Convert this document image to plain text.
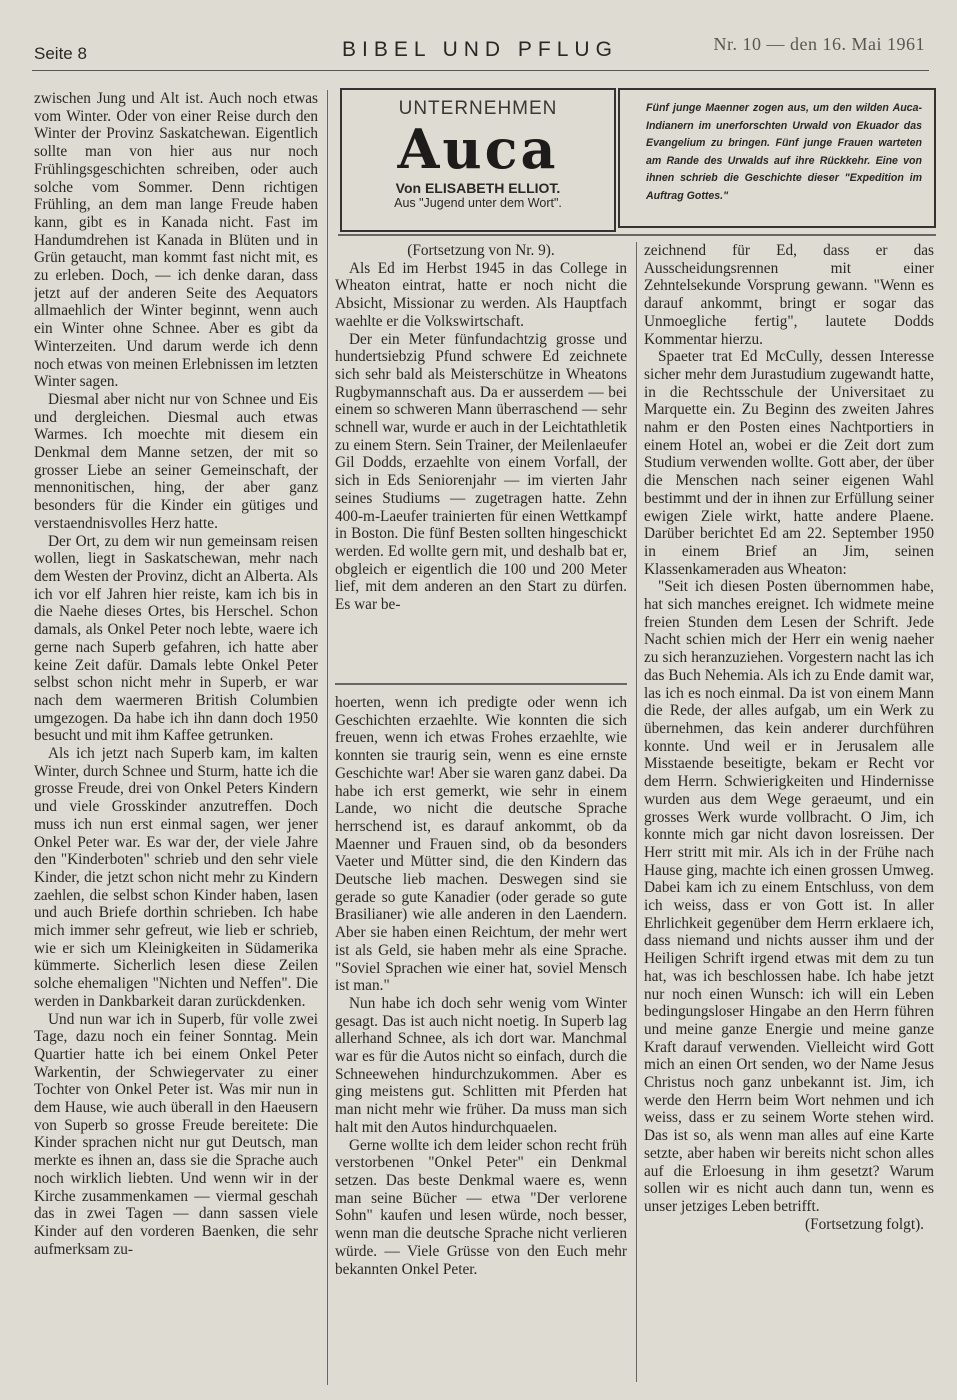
Seite 8	BIBEL UND PFLUG	Nr. 10 — den 16. Mai 1961

zwischen Jung und Alt ist. Auch noch etwas vom Winter. Oder von einer Reise durch den Winter der Provinz Saskatchewan. Eigentlich sollte man von hier aus nur noch Frühlingsgeschichten schreiben, oder auch solche vom Sommer. Denn richtigen Frühling, an dem man lange Freude haben kann, gibt es in Kanada nicht. Fast im Handumdrehen ist Kanada in Blüten und in Grün getaucht, man kommt fast nicht mit, es zu erleben. Doch, — ich denke daran, dass jetzt auf der anderen Seite des Aequators allmaehlich der Winter beginnt, wenn auch ein Winter ohne Schnee. Aber es gibt da Winterzeiten. Und darum werde ich denn noch etwas von meinen Erlebnissen im letzten Winter sagen.

Diesmal aber nicht nur von Schnee und Eis und dergleichen. Diesmal auch etwas Warmes. Ich moechte mit diesem ein Denkmal dem Manne setzen, der mit so grosser Liebe an seiner Gemeinschaft, der mennonitischen, hing, der aber ganz besonders für die Kinder ein gütiges und verstaendnisvolles Herz hatte.

Der Ort, zu dem wir nun gemeinsam reisen wollen, liegt in Saskatschewan, mehr nach dem Westen der Provinz, dicht an Alberta. Als ich vor elf Jahren hier reiste, kam ich bis in die Naehe dieses Ortes, bis Herschel. Schon damals, als Onkel Peter noch lebte, waere ich gerne nach Superb gefahren, ich hatte aber keine Zeit dafür. Damals lebte Onkel Peter selbst schon nicht mehr in Superb, er war nach dem waermeren British Columbien umgezogen. Da habe ich ihn dann doch 1950 besucht und mit ihm Kaffee getrunken.

Als ich jetzt nach Superb kam, im kalten Winter, durch Schnee und Sturm, hatte ich die grosse Freude, drei von Onkel Peters Kindern und viele Grosskinder anzutreffen. Doch muss ich nun erst einmal sagen, wer jener Onkel Peter war. Es war der, der viele Jahre den "Kinderboten" schrieb und den sehr viele Kinder, die jetzt schon nicht mehr zu Kindern zaehlen, die selbst schon Kinder haben, lasen und auch Briefe dorthin schrieben. Ich habe mich immer sehr gefreut, wie lieb er schrieb, wie er sich um Kleinigkeiten in Südamerika kümmerte. Sicherlich lesen diese Zeilen solche ehemaligen "Nichten und Neffen". Die werden in Dankbarkeit daran zurückdenken.

Und nun war ich in Superb, für volle zwei Tage, dazu noch ein feiner Sonntag. Mein Quartier hatte ich bei einem Onkel Peter Warkentin, der Schwiegervater zu einer Tochter von Onkel Peter ist. Was mir nun in dem Hause, wie auch überall in den Haeusern von Superb so grosse Freude bereitete: Die Kinder sprachen nicht nur gut Deutsch, man merkte es ihnen an, dass sie die Sprache auch noch wirklich liebten. Und wenn wir in der Kirche zusammenkamen — viermal geschah das in zwei Tagen — dann sassen viele Kinder auf den vorderen Baenken, die sehr aufmerksam zu-

UNTERNEHMEN
Auca
Von ELISABETH ELLIOT.
Aus "Jugend unter dem Wort".
Fünf junge Maenner zogen aus, um den wilden Auca-Indianern im unerforschten Urwald von Ekuador das Evangelium zu bringen. Fünf junge Frauen warteten am Rande des Urwalds auf ihre Rückkehr. Eine von ihnen schrieb die Geschichte dieser "Expedition im Auftrag Gottes."

(Fortsetzung von Nr. 9).

Als Ed im Herbst 1945 in das College in Wheaton eintrat, hatte er noch nicht die Absicht, Missionar zu werden. Als Hauptfach waehlte er die Volkswirtschaft.

Der ein Meter fünfundachtzig grosse und hundertsiebzig Pfund schwere Ed zeichnete sich sehr bald als Meisterschütze in Wheatons Rugbymannschaft aus. Da er ausserdem — bei einem so schweren Mann überraschend — sehr schnell war, wurde er auch in der Leichtathletik zu einem Stern. Sein Trainer, der Meilenlaeufer Gil Dodds, erzaehlte von einem Vorfall, der sich in Eds Seniorenjahr — im vierten Jahr seines Studiums — zugetragen hatte. Zehn 400-m-Laeufer trainierten für einen Wettkampf in Boston. Die fünf Besten sollten hingeschickt werden. Ed wollte gern mit, und deshalb bat er, obgleich er eigentlich die 100 und 200 Meter lief, mit dem anderen an den Start zu dürfen. Es war be-

hoerten, wenn ich predigte oder wenn ich Geschichten erzaehlte. Wie konnten die sich freuen, wenn ich etwas Frohes erzaehlte, wie konnten sie traurig sein, wenn es eine ernste Geschichte war! Aber sie waren ganz dabei. Da habe ich erst gemerkt, wie sehr in einem Lande, wo nicht die deutsche Sprache herrschend ist, es darauf ankommt, ob da Maenner und Frauen sind, ob da besonders Vaeter und Mütter sind, die den Kindern das Deutsche lieb machen. Deswegen sind sie gerade so gute Kanadier (oder gerade so gute Brasilianer) wie alle anderen in den Laendern. Aber sie haben einen Reichtum, der mehr wert ist als Geld, sie haben mehr als eine Sprache. "Soviel Sprachen wie einer hat, soviel Mensch ist man."

Nun habe ich doch sehr wenig vom Winter gesagt. Das ist auch nicht noetig. In Superb lag allerhand Schnee, als ich dort war. Manchmal war es für die Autos nicht so einfach, durch die Schneewehen hindurchzukommen. Aber es ging meistens gut. Schlitten mit Pferden hat man nicht mehr wie früher. Da muss man sich halt mit den Autos hindurchquaelen.

Gerne wollte ich dem leider schon recht früh verstorbenen "Onkel Peter" ein Denkmal setzen. Das beste Denkmal waere es, wenn man seine Bücher — etwa "Der verlorene Sohn" kaufen und lesen würde, noch besser, wenn man die deutsche Sprache nicht verlieren würde. — Viele Grüsse von den Euch mehr bekannten Onkel Peter.

zeichnend für Ed, dass er das Ausscheidungsrennen mit einer Zehntelsekunde Vorsprung gewann. "Wenn es darauf ankommt, bringt er sogar das Unmoegliche fertig", lautete Dodds Kommentar hierzu.

Spaeter trat Ed McCully, dessen Interesse sicher mehr dem Jurastudium zugewandt hatte, in die Rechtsschule der Universitaet zu Marquette ein. Zu Beginn des zweiten Jahres nahm er den Posten eines Nachtportiers in einem Hotel an, wobei er die Zeit dort zum Studium verwenden wollte. Gott aber, der über die Menschen nach seiner eigenen Wahl bestimmt und der in ihnen zur Erfüllung seiner ewigen Ziele wirkt, hatte andere Plaene. Darüber berichtet Ed am 22. September 1950 in einem Brief an Jim, seinen Klassenkameraden aus Wheaton:

"Seit ich diesen Posten übernommen habe, hat sich manches ereignet. Ich widmete meine freien Stunden dem Lesen der Schrift. Jede Nacht schien mich der Herr ein wenig naeher zu sich heranzuziehen. Vorgestern nacht las ich das Buch Nehemia. Als ich zu Ende damit war, las ich es noch einmal. Da ist von einem Mann die Rede, der alles aufgab, um ein Werk zu übernehmen, das kein anderer durchführen konnte. Und weil er in Jerusalem alle Misstaende beseitigte, bekam er Recht vor dem Herrn. Schwierigkeiten und Hindernisse wurden aus dem Wege geraeumt, und ein grosses Werk wurde vollbracht. O Jim, ich konnte mich gar nicht davon losreissen. Der Herr stritt mit mir. Als ich in der Frühe nach Hause ging, machte ich einen grossen Umweg. Dabei kam ich zu einem Entschluss, von dem ich weiss, dass er von Gott ist. In aller Ehrlichkeit gegenüber dem Herrn erklaere ich, dass niemand und nichts ausser ihm und der Heiligen Schrift irgend etwas mit dem zu tun hat, was ich beschlossen habe. Ich habe jetzt nur noch einen Wunsch: ich will ein Leben bedingungsloser Hingabe an den Herrn führen und meine ganze Energie und meine ganze Kraft darauf verwenden. Vielleicht wird Gott mich an einen Ort senden, wo der Name Jesus Christus noch ganz unbekannt ist. Jim, ich werde den Herrn beim Wort nehmen und ich weiss, dass er zu seinem Worte stehen wird. Das ist so, als wenn man alles auf eine Karte setzte, aber haben wir bereits nicht schon alles auf die Erloesung in ihm gesetzt? Warum sollen wir es nicht auch dann tun, wenn es unser jetziges Leben betrifft.

(Fortsetzung folgt).
